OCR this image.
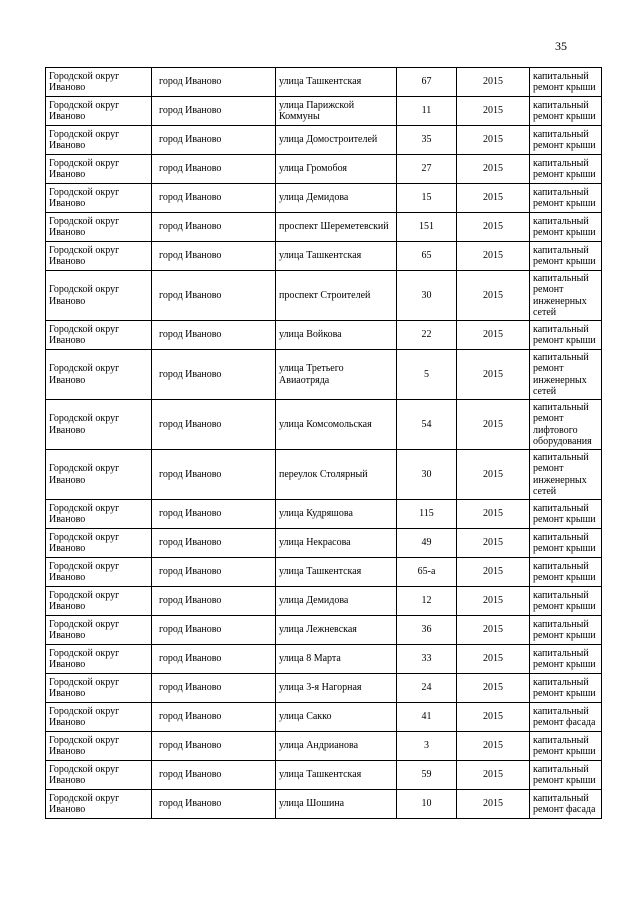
35
Городской округ Иваново	город Иваново	улица Ташкентская	67	2015	капитальный ремонт крыши
Городской округ Иваново	город Иваново	улица Парижской Коммуны	11	2015	капитальный ремонт крыши
Городской округ Иваново	город Иваново	улица Домостроителей	35	2015	капитальный ремонт крыши
Городской округ Иваново	город Иваново	улица Громобоя	27	2015	капитальный ремонт крыши
Городской округ Иваново	город Иваново	улица Демидова	15	2015	капитальный ремонт крыши
Городской округ Иваново	город Иваново	проспект Шереметевский	151	2015	капитальный ремонт крыши
Городской округ Иваново	город Иваново	улица Ташкентская	65	2015	капитальный ремонт крыши
Городской округ Иваново	город Иваново	проспект Строителей	30	2015	капитальный ремонт инженерных сетей
Городской округ Иваново	город Иваново	улица Войкова	22	2015	капитальный ремонт крыши
Городской округ Иваново	город Иваново	улица Третьего Авиаотряда	5	2015	капитальный ремонт инженерных сетей
Городской округ Иваново	город Иваново	улица Комсомольская	54	2015	капитальный ремонт лифтового оборудования
Городской округ Иваново	город Иваново	переулок Столярный	30	2015	капитальный ремонт инженерных сетей
Городской округ Иваново	город Иваново	улица Кудряшова	115	2015	капитальный ремонт крыши
Городской округ Иваново	город Иваново	улица Некрасова	49	2015	капитальный ремонт крыши
Городской округ Иваново	город Иваново	улица Ташкентская	65-а	2015	капитальный ремонт крыши
Городской округ Иваново	город Иваново	улица Демидова	12	2015	капитальный ремонт крыши
Городской округ Иваново	город Иваново	улица Лежневская	36	2015	капитальный ремонт крыши
Городской округ Иваново	город Иваново	улица 8 Марта	33	2015	капитальный ремонт крыши
Городской округ Иваново	город Иваново	улица 3-я Нагорная	24	2015	капитальный ремонт крыши
Городской округ Иваново	город Иваново	улица Сакко	41	2015	капитальный ремонт фасада
Городской округ Иваново	город Иваново	улица Андрианова	3	2015	капитальный ремонт крыши
Городской округ Иваново	город Иваново	улица Ташкентская	59	2015	капитальный ремонт крыши
Городской округ Иваново	город Иваново	улица Шошина	10	2015	капитальный ремонт фасада
